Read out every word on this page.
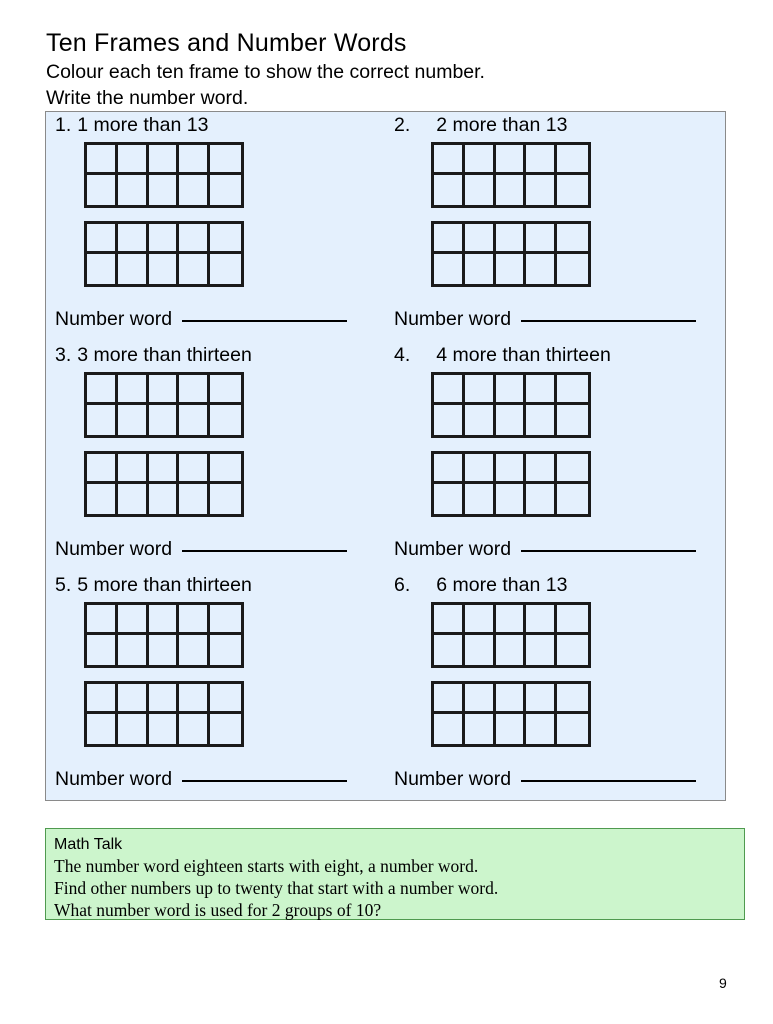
Ten Frames and Number Words
Colour each ten frame to show the correct number.
Write the number word.
1. 1 more than 13
Number word
2. 2 more than 13
Number word
3. 3 more than thirteen
Number word
4. 4 more than thirteen
Number word
5. 5 more than thirteen
Number word
6. 6 more than 13
Number word
Math Talk
The number word eighteen starts with eight, a number word.
Find other numbers up to twenty that start with a number word.
What number word is used for 2 groups of 10?
9
